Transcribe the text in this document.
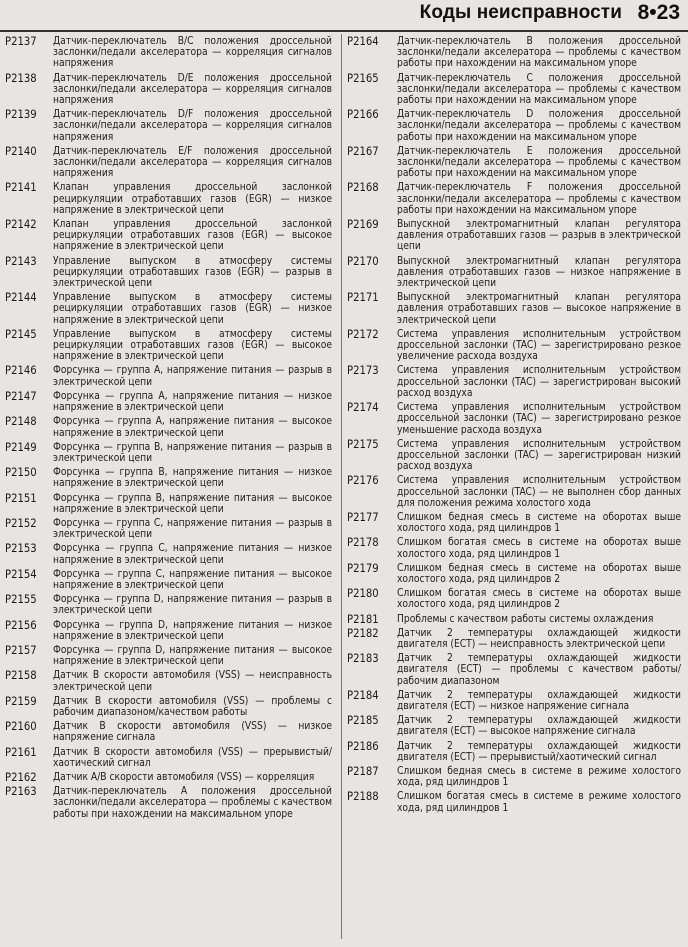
Коды неисправности 8•23
P2137	Датчик-переключатель B/C положения дроссельной заслонки/педали акселератора — корреляция сигналов напряжения
P2138	Датчик-переключатель D/E положения дроссельной заслонки/педали акселератора — корреляция сигналов напряжения
P2139	Датчик-переключатель D/F положения дроссельной заслонки/педали акселератора — корреляция сигналов напряжения
P2140	Датчик-переключатель E/F положения дроссельной заслонки/педали акселератора — корреляция сигналов напряжения
P2141	Клапан управления дроссельной заслонкой рециркуляции отработавших газов (EGR) — низкое напряжение в электрической цепи
P2142	Клапан управления дроссельной заслонкой рециркуляции отработавших газов (EGR) — высокое напряжение в электрической цепи
P2143	Управление выпуском в атмосферу системы рециркуляции отработавших газов (EGR) — разрыв в электрической цепи
P2144	Управление выпуском в атмосферу системы рециркуляции отработавших газов (EGR) — низкое напряжение в электрической цепи
P2145	Управление выпуском в атмосферу системы рециркуляции отработавших газов (EGR) — высокое напряжение в электрической цепи
P2146	Форсунка — группа A, напряжение питания — разрыв в электрической цепи
P2147	Форсунка — группа A, напряжение питания — низкое напряжение в электрической цепи
P2148	Форсунка — группа A, напряжение питания — высокое напряжение в электрической цепи
P2149	Форсунка — группа B, напряжение питания — разрыв в электрической цепи
P2150	Форсунка — группа B, напряжение питания — низкое напряжение в электрической цепи
P2151	Форсунка — группа B, напряжение питания — высокое напряжение в электрической цепи
P2152	Форсунка — группа C, напряжение питания — разрыв в электрической цепи
P2153	Форсунка — группа C, напряжение питания — низкое напряжение в электрической цепи
P2154	Форсунка — группа C, напряжение питания — высокое напряжение в электрической цепи
P2155	Форсунка — группа D, напряжение питания — разрыв в электрической цепи
P2156	Форсунка — группа D, напряжение питания — низкое напряжение в электрической цепи
P2157	Форсунка — группа D, напряжение питания — высокое напряжение в электрической цепи
P2158	Датчик B скорости автомобиля (VSS) — неисправность электрической цепи
P2159	Датчик B скорости автомобиля (VSS) — проблемы с рабочим диапазоном/качеством работы
P2160	Датчик B скорости автомобиля (VSS) — низкое напряжение сигнала
P2161	Датчик B скорости автомобиля (VSS) — прерывистый/хаотический сигнал
P2162	Датчик A/B скорости автомобиля (VSS) — корреляция
P2163	Датчик-переключатель A положения дроссельной заслонки/педали акселератора — проблемы с качеством работы при нахождении на максимальном упоре
P2164	Датчик-переключатель B положения дроссельной заслонки/педали акселератора — проблемы с качеством работы при нахождении на максимальном упоре
P2165	Датчик-переключатель C положения дроссельной заслонки/педали акселератора — проблемы с качеством работы при нахождении на максимальном упоре
P2166	Датчик-переключатель D положения дроссельной заслонки/педали акселератора — проблемы с качеством работы при нахождении на максимальном упоре
P2167	Датчик-переключатель E положения дроссельной заслонки/педали акселератора — проблемы с качеством работы при нахождении на максимальном упоре
P2168	Датчик-переключатель F положения дроссельной заслонки/педали акселератора — проблемы с качеством работы при нахождении на максимальном упоре
P2169	Выпускной электромагнитный клапан регулятора давления отработавших газов — разрыв в электрической цепи
P2170	Выпускной электромагнитный клапан регулятора давления отработавших газов — низкое напряжение в электрической цепи
P2171	Выпускной электромагнитный клапан регулятора давления отработавших газов — высокое напряжение в электрической цепи
P2172	Система управления исполнительным устройством дроссельной заслонки (TAC) — зарегистрировано резкое увеличение расхода воздуха
P2173	Система управления исполнительным устройством дроссельной заслонки (TAC) — зарегистрирован высокий расход воздуха
P2174	Система управления исполнительным устройством дроссельной заслонки (TAC) — зарегистрировано резкое уменьшение расхода воздуха
P2175	Система управления исполнительным устройством дроссельной заслонки (TAC) — зарегистрирован низкий расход воздуха
P2176	Система управления исполнительным устройством дроссельной заслонки (TAC) — не выполнен сбор данных для положения режима холостого хода
P2177	Слишком бедная смесь в системе на оборотах выше холостого хода, ряд цилиндров 1
P2178	Слишком богатая смесь в системе на оборотах выше холостого хода, ряд цилиндров 1
P2179	Слишком бедная смесь в системе на оборотах выше холостого хода, ряд цилиндров 2
P2180	Слишком богатая смесь в системе на оборотах выше холостого хода, ряд цилиндров 2
P2181	Проблемы с качеством работы системы охлаждения
P2182	Датчик 2 температуры охлаждающей жидкости двигателя (ECT) — неисправность электрической цепи
P2183	Датчик 2 температуры охлаждающей жидкости двигателя (ECT) — проблемы с качеством работы/рабочим диапазоном
P2184	Датчик 2 температуры охлаждающей жидкости двигателя (ECT) — низкое напряжение сигнала
P2185	Датчик 2 температуры охлаждающей жидкости двигателя (ECT) — высокое напряжение сигнала
P2186	Датчик 2 температуры охлаждающей жидкости двигателя (ECT) — прерывистый/хаотический сигнал
P2187	Слишком бедная смесь в системе в режиме холостого хода, ряд цилиндров 1
P2188	Слишком богатая смесь в системе в режиме холостого хода, ряд цилиндров 1
